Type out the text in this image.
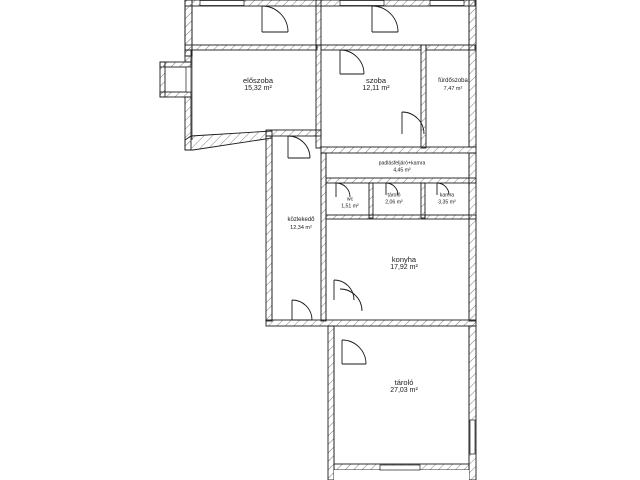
előszoba
15,32 m²
szoba
12,11 m²
fürdőszoba
7,47 m²
padlásfeljáró+kamra
4,45 m²
wc
1,51 m²
tároló
2,06 m²
kamra
3,35 m²
közlekedő
12,34 m²
konyha
17,92 m²
tároló
27,03 m²
